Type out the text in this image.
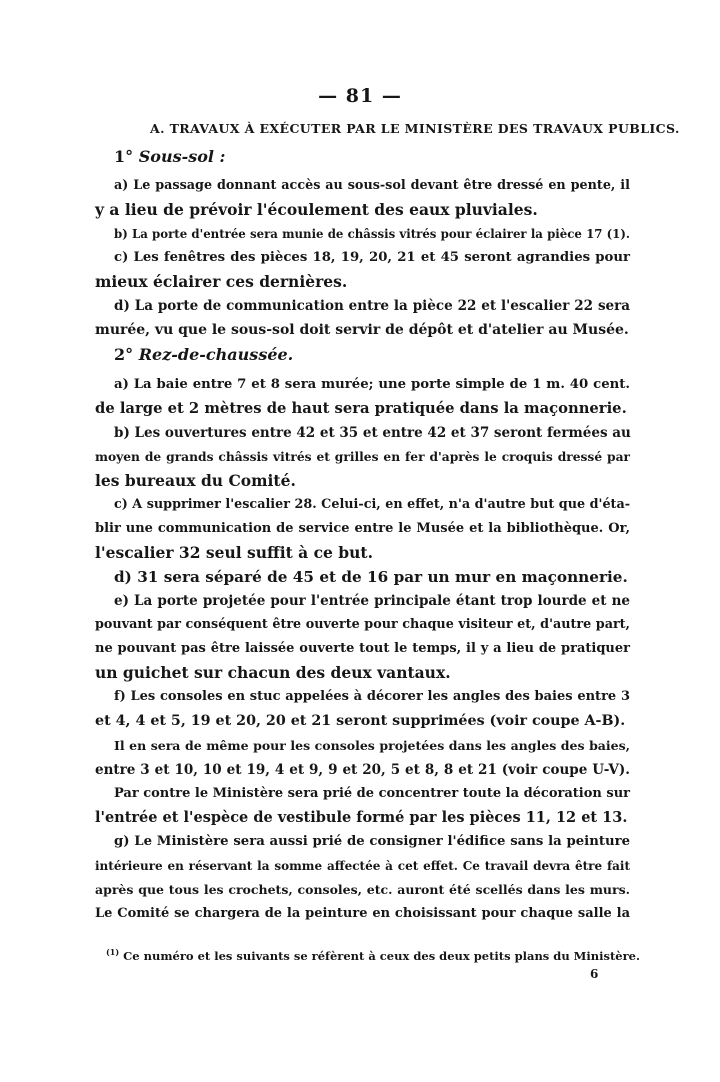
— 81 —
A. TRAVAUX À EXÉCUTER PAR LE MINISTÈRE DES TRAVAUX PUBLICS.
1° Sous-sol :
a) Le passage donnant accès au sous-sol devant être dressé en pente, il
y a lieu de prévoir l'écoulement des eaux pluviales.
b) La porte d'entrée sera munie de châssis vitrés pour éclairer la pièce 17 (1).
c) Les fenêtres des pièces 18, 19, 20, 21 et 45 seront agrandies pour
mieux éclairer ces dernières.
d) La porte de communication entre la pièce 22 et l'escalier 22 sera
murée, vu que le sous-sol doit servir de dépôt et d'atelier au Musée.
2° Rez-de-chaussée.
a) La baie entre 7 et 8 sera murée; une porte simple de 1 m. 40 cent.
de large et 2 mètres de haut sera pratiquée dans la maçonnerie.
b) Les ouvertures entre 42 et 35 et entre 42 et 37 seront fermées au
moyen de grands châssis vitrés et grilles en fer d'après le croquis dressé par
les bureaux du Comité.
c) A supprimer l'escalier 28. Celui-ci, en effet, n'a d'autre but que d'éta-
blir une communication de service entre le Musée et la bibliothèque. Or,
l'escalier 32 seul suffit à ce but.
d) 31 sera séparé de 45 et de 16 par un mur en maçonnerie.
e) La porte projetée pour l'entrée principale étant trop lourde et ne
pouvant par conséquent être ouverte pour chaque visiteur et, d'autre part,
ne pouvant pas être laissée ouverte tout le temps, il y a lieu de pratiquer
un guichet sur chacun des deux vantaux.
f) Les consoles en stuc appelées à décorer les angles des baies entre 3
et 4, 4 et 5, 19 et 20, 20 et 21 seront supprimées (voir coupe A-B).
Il en sera de même pour les consoles projetées dans les angles des baies,
entre 3 et 10, 10 et 19, 4 et 9, 9 et 20, 5 et 8, 8 et 21 (voir coupe U-V).
Par contre le Ministère sera prié de concentrer toute la décoration sur
l'entrée et l'espèce de vestibule formé par les pièces 11, 12 et 13.
g) Le Ministère sera aussi prié de consigner l'édifice sans la peinture
intérieure en réservant la somme affectée à cet effet. Ce travail devra être fait
après que tous les crochets, consoles, etc. auront été scellés dans les murs.
Le Comité se chargera de la peinture en choisissant pour chaque salle la
$^{(1)}$ Ce numéro et les suivants se réfèrent à ceux des deux petits plans du Ministère.
6
